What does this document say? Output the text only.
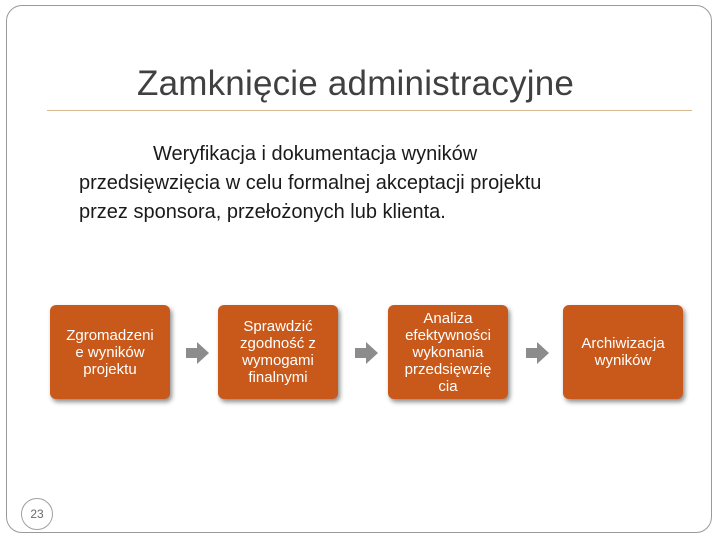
Zamknięcie administracyjne
Weryfikacja i dokumentacja wyników
przedsięwzięcia w celu formalnej akceptacji projektu
przez sponsora, przełożonych lub klienta.
Zgromadzeni
e wyników
projektu
Sprawdzić
zgodność z
wymogami
finalnymi
Analiza
efektywności
wykonania
przedsięwzię
cia
Archiwizacja
wyników
23
